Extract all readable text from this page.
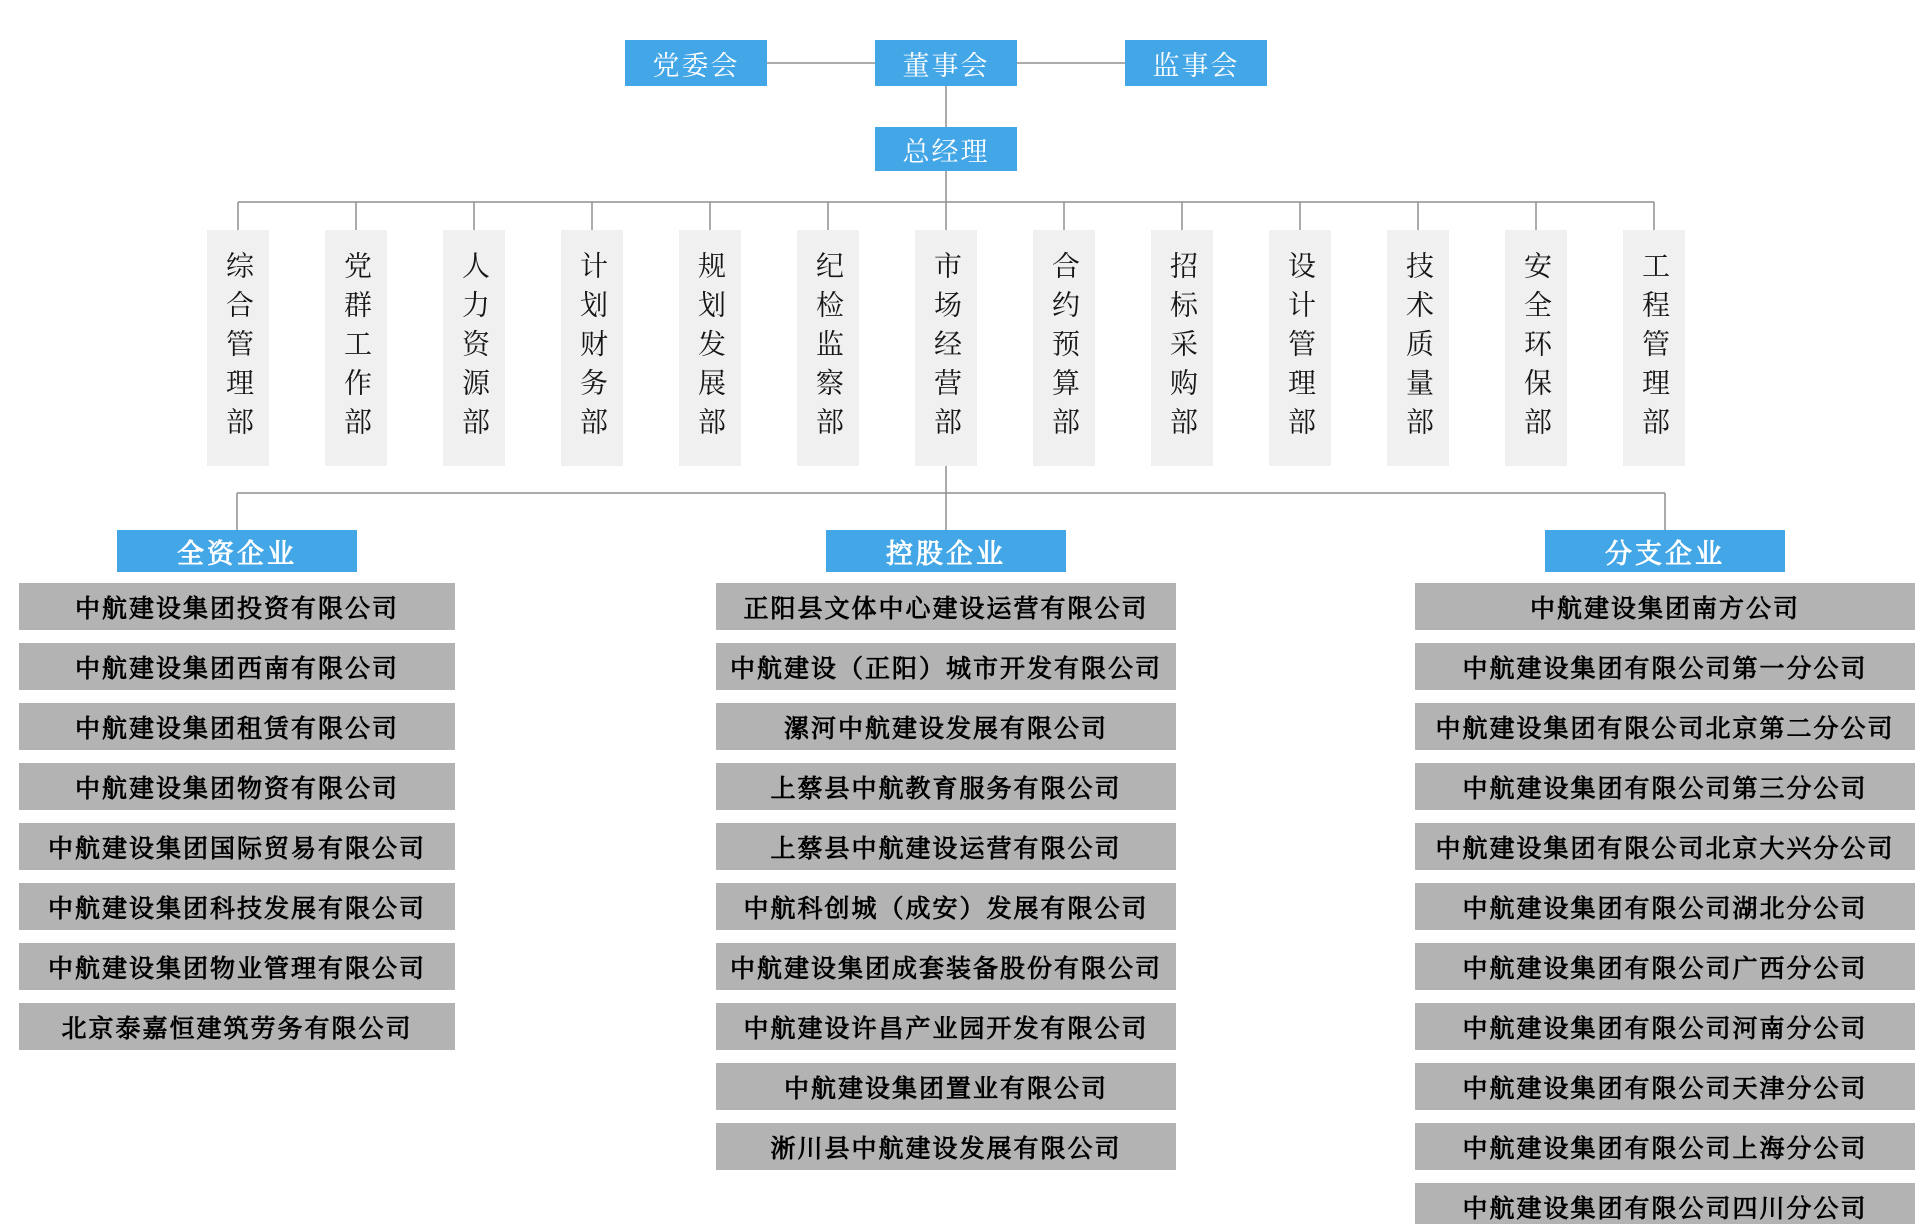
党委会	董事会	监事会
总经理
综合管理部	党群工作部	人力资源部	计划财务部	规划发展部	纪检监察部	市场经营部	合约预算部	招标采购部	设计管理部	技术质量部	安全环保部	工程管理部
全资企业
中航建设集团投资有限公司
中航建设集团西南有限公司
中航建设集团租赁有限公司
中航建设集团物资有限公司
中航建设集团国际贸易有限公司
中航建设集团科技发展有限公司
中航建设集团物业管理有限公司
北京泰嘉恒建筑劳务有限公司
控股企业
正阳县文体中心建设运营有限公司
中航建设（正阳）城市开发有限公司
漯河中航建设发展有限公司
上蔡县中航教育服务有限公司
上蔡县中航建设运营有限公司
中航科创城（成安）发展有限公司
中航建设集团成套装备股份有限公司
中航建设许昌产业园开发有限公司
中航建设集团置业有限公司
淅川县中航建设发展有限公司
分支企业
中航建设集团南方公司
中航建设集团有限公司第一分公司
中航建设集团有限公司北京第二分公司
中航建设集团有限公司第三分公司
中航建设集团有限公司北京大兴分公司
中航建设集团有限公司湖北分公司
中航建设集团有限公司广西分公司
中航建设集团有限公司河南分公司
中航建设集团有限公司天津分公司
中航建设集团有限公司上海分公司
中航建设集团有限公司四川分公司
